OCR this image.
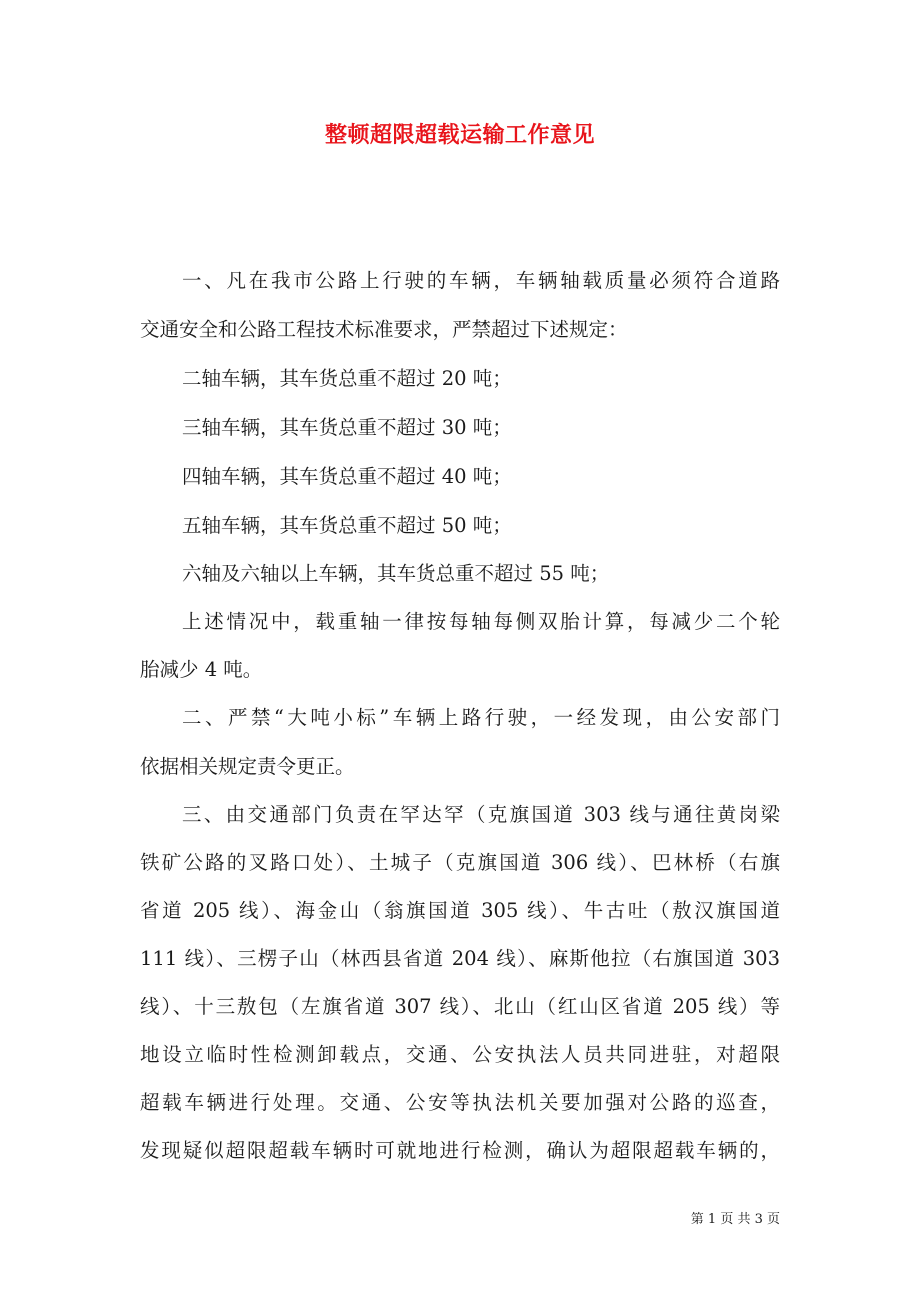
整顿超限超载运输工作意见
一、凡在我市公路上行驶的车辆，车辆轴载质量必须符合道路
交通安全和公路工程技术标准要求，严禁超过下述规定：
二轴车辆，其车货总重不超过 20 吨；
三轴车辆，其车货总重不超过 30 吨；
四轴车辆，其车货总重不超过 40 吨；
五轴车辆，其车货总重不超过 50 吨；
六轴及六轴以上车辆，其车货总重不超过 55 吨；
上述情况中，载重轴一律按每轴每侧双胎计算，每减少二个轮
胎减少 4 吨。
二、严禁“大吨小标”车辆上路行驶，一经发现，由公安部门
依据相关规定责令更正。
三、由交通部门负责在罕达罕（克旗国道 303 线与通往黄岗梁
铁矿公路的叉路口处）、土城子（克旗国道 306 线）、巴林桥（右旗
省道 205 线）、海金山（翁旗国道 305 线）、牛古吐（敖汉旗国道
111 线）、三楞子山（林西县省道 204 线）、麻斯他拉（右旗国道 303
线）、十三敖包（左旗省道 307 线）、北山（红山区省道 205 线）等
地设立临时性检测卸载点，交通、公安执法人员共同进驻，对超限
超载车辆进行处理。交通、公安等执法机关要加强对公路的巡查，
发现疑似超限超载车辆时可就地进行检测，确认为超限超载车辆的，
第 1 页 共 3 页
